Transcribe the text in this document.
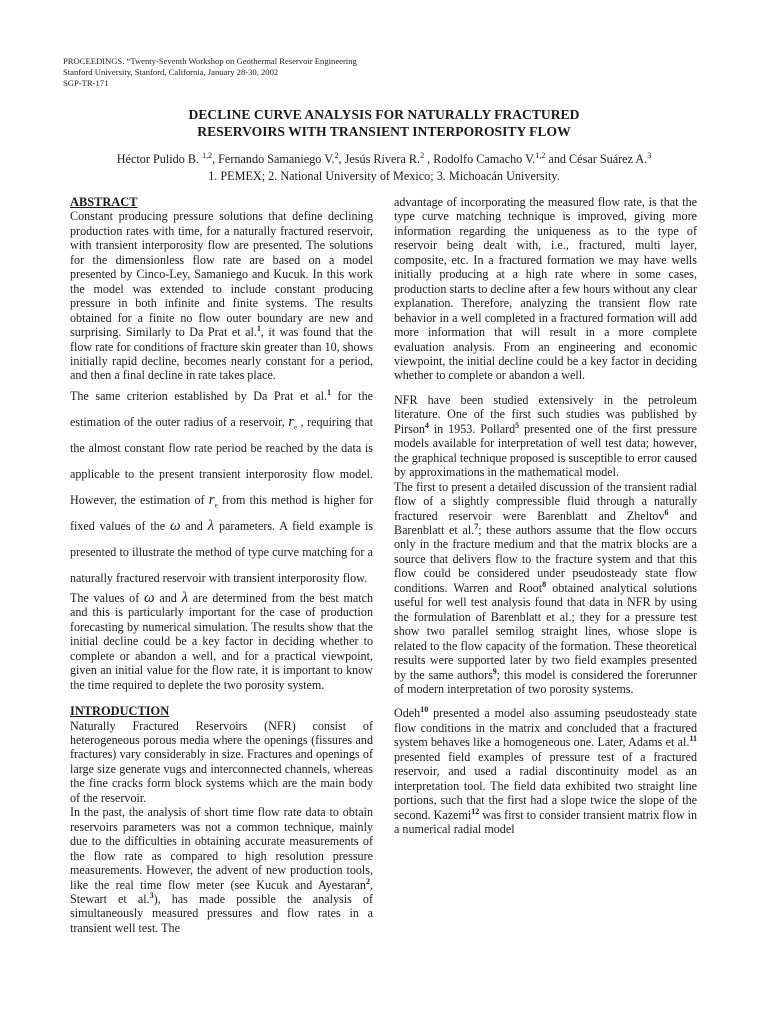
PROCEEDINGS. “Twenty-Seventh Workshop on Geothermal Reservoir Engineering
Stanford University, Stanford, California, January 28-30, 2002
SGP-TR-171
DECLINE CURVE ANALYSIS FOR NATURALLY FRACTURED
RESERVOIRS WITH TRANSIENT INTERPOROSITY FLOW
Héctor Pulido B. $^{1,2}$, Fernando Samaniego V.$^2$, Jesús Rivera R.$^2$ , Rodolfo Camacho V.$^{1,2}$ and César Suárez A.$^3$
1. PEMEX; 2. National University of Mexico; 3. Michoacán University.
ABSTRACT

Constant producing pressure solutions that define declining production rates with time, for a naturally fractured reservoir, with transient interporosity flow are presented. The solutions for the dimensionless flow rate are based on a model presented by Cinco-Ley, Samaniego and Kucuk. In this work the model was extended to include constant producing pressure in both infinite and finite systems. The results obtained for a finite no flow outer boundary are new and surprising. Similarly to Da Prat et al.$^1$, it was found that the flow rate for conditions of fracture skin greater than 10, shows initially rapid decline, becomes nearly constant for a period, and then a final decline in rate takes place.

The same criterion established by Da Prat et al.$^1$ for the estimation of the outer radius of a reservoir, $r_e$ , requiring that the almost constant flow rate period be reached by the data is applicable to the present transient interporosity flow model. However, the estimation of $r_e$ from this method is higher for fixed values of the ω and λ parameters. A field example is presented to illustrate the method of type curve matching for a naturally fractured reservoir with transient interporosity flow.

The values of ω and λ are determined from the best match and this is particularly important for the case of production forecasting by numerical simulation. The results show that the initial decline could be a key factor in deciding whether to complete or abandon a well, and for a practical viewpoint, given an initial value for the flow rate, it is important to know the time required to deplete the two porosity system.

INTRODUCTION

Naturally Fractured Reservoirs (NFR) consist of heterogeneous porous media where the openings (fissures and fractures) vary considerably in size. Fractures and openings of large size generate vugs and interconnected channels, whereas the fine cracks form block systems which are the main body of the reservoir.

In the past, the analysis of short time flow rate data to obtain reservoirs parameters was not a common technique, mainly due to the difficulties in obtaining accurate measurements of the flow rate as compared to high resolution pressure measurements. However, the advent of new production tools, like the real time flow meter (see Kucuk and Ayestaran$^2$, Stewart et al.$^3$), has made possible the analysis of simultaneously measured pressures and flow rates in a transient well test. The

advantage of incorporating the measured flow rate, is that the type curve matching technique is improved, giving more information regarding the uniqueness as to the type of reservoir being dealt with, i.e., fractured, multi layer, composite, etc. In a fractured formation we may have wells initially producing at a high rate where in some cases, production starts to decline after a few hours without any clear explanation. Therefore, analyzing the transient flow rate behavior in a well completed in a fractured formation will add more information that will result in a more complete evaluation analysis. From an engineering and economic viewpoint, the initial decline could be a key factor in deciding whether to complete or abandon a well.

NFR have been studied extensively in the petroleum literature. One of the first such studies was published by Pirson$^4$ in 1953. Pollard$^5$ presented one of the first pressure models available for interpretation of well test data; however, the graphical technique proposed is susceptible to error caused by approximations in the mathematical model.

The first to present a detailed discussion of the transient radial flow of a slightly compressible fluid through a naturally fractured reservoir were Barenblatt and Zheltov$^6$ and Barenblatt et al.$^7$; these authors assume that the flow occurs only in the fracture medium and that the matrix blocks are a source that delivers flow to the fracture system and that this flow could be considered under pseudosteady state flow conditions. Warren and Root$^8$ obtained analytical solutions useful for well test analysis found that data in NFR by using the formulation of Barenblatt et al.; they for a pressure test show two parallel semilog straight lines, whose slope is related to the flow capacity of the formation. These theoretical results were supported later by two field examples presented by the same authors$^9$; this model is considered the forerunner of modern interpretation of two porosity systems.

Odeh$^{10}$ presented a model also assuming pseudosteady state flow conditions in the matrix and concluded that a fractured system behaves like a homogeneous one. Later, Adams et al.$^{11}$ presented field examples of pressure test of a fractured reservoir, and used a radial discontinuity model as an interpretation tool. The field data exhibited two straight line portions, such that the first had a slope twice the slope of the second. Kazemi$^{12}$ was first to consider transient matrix flow in a numerical radial model
